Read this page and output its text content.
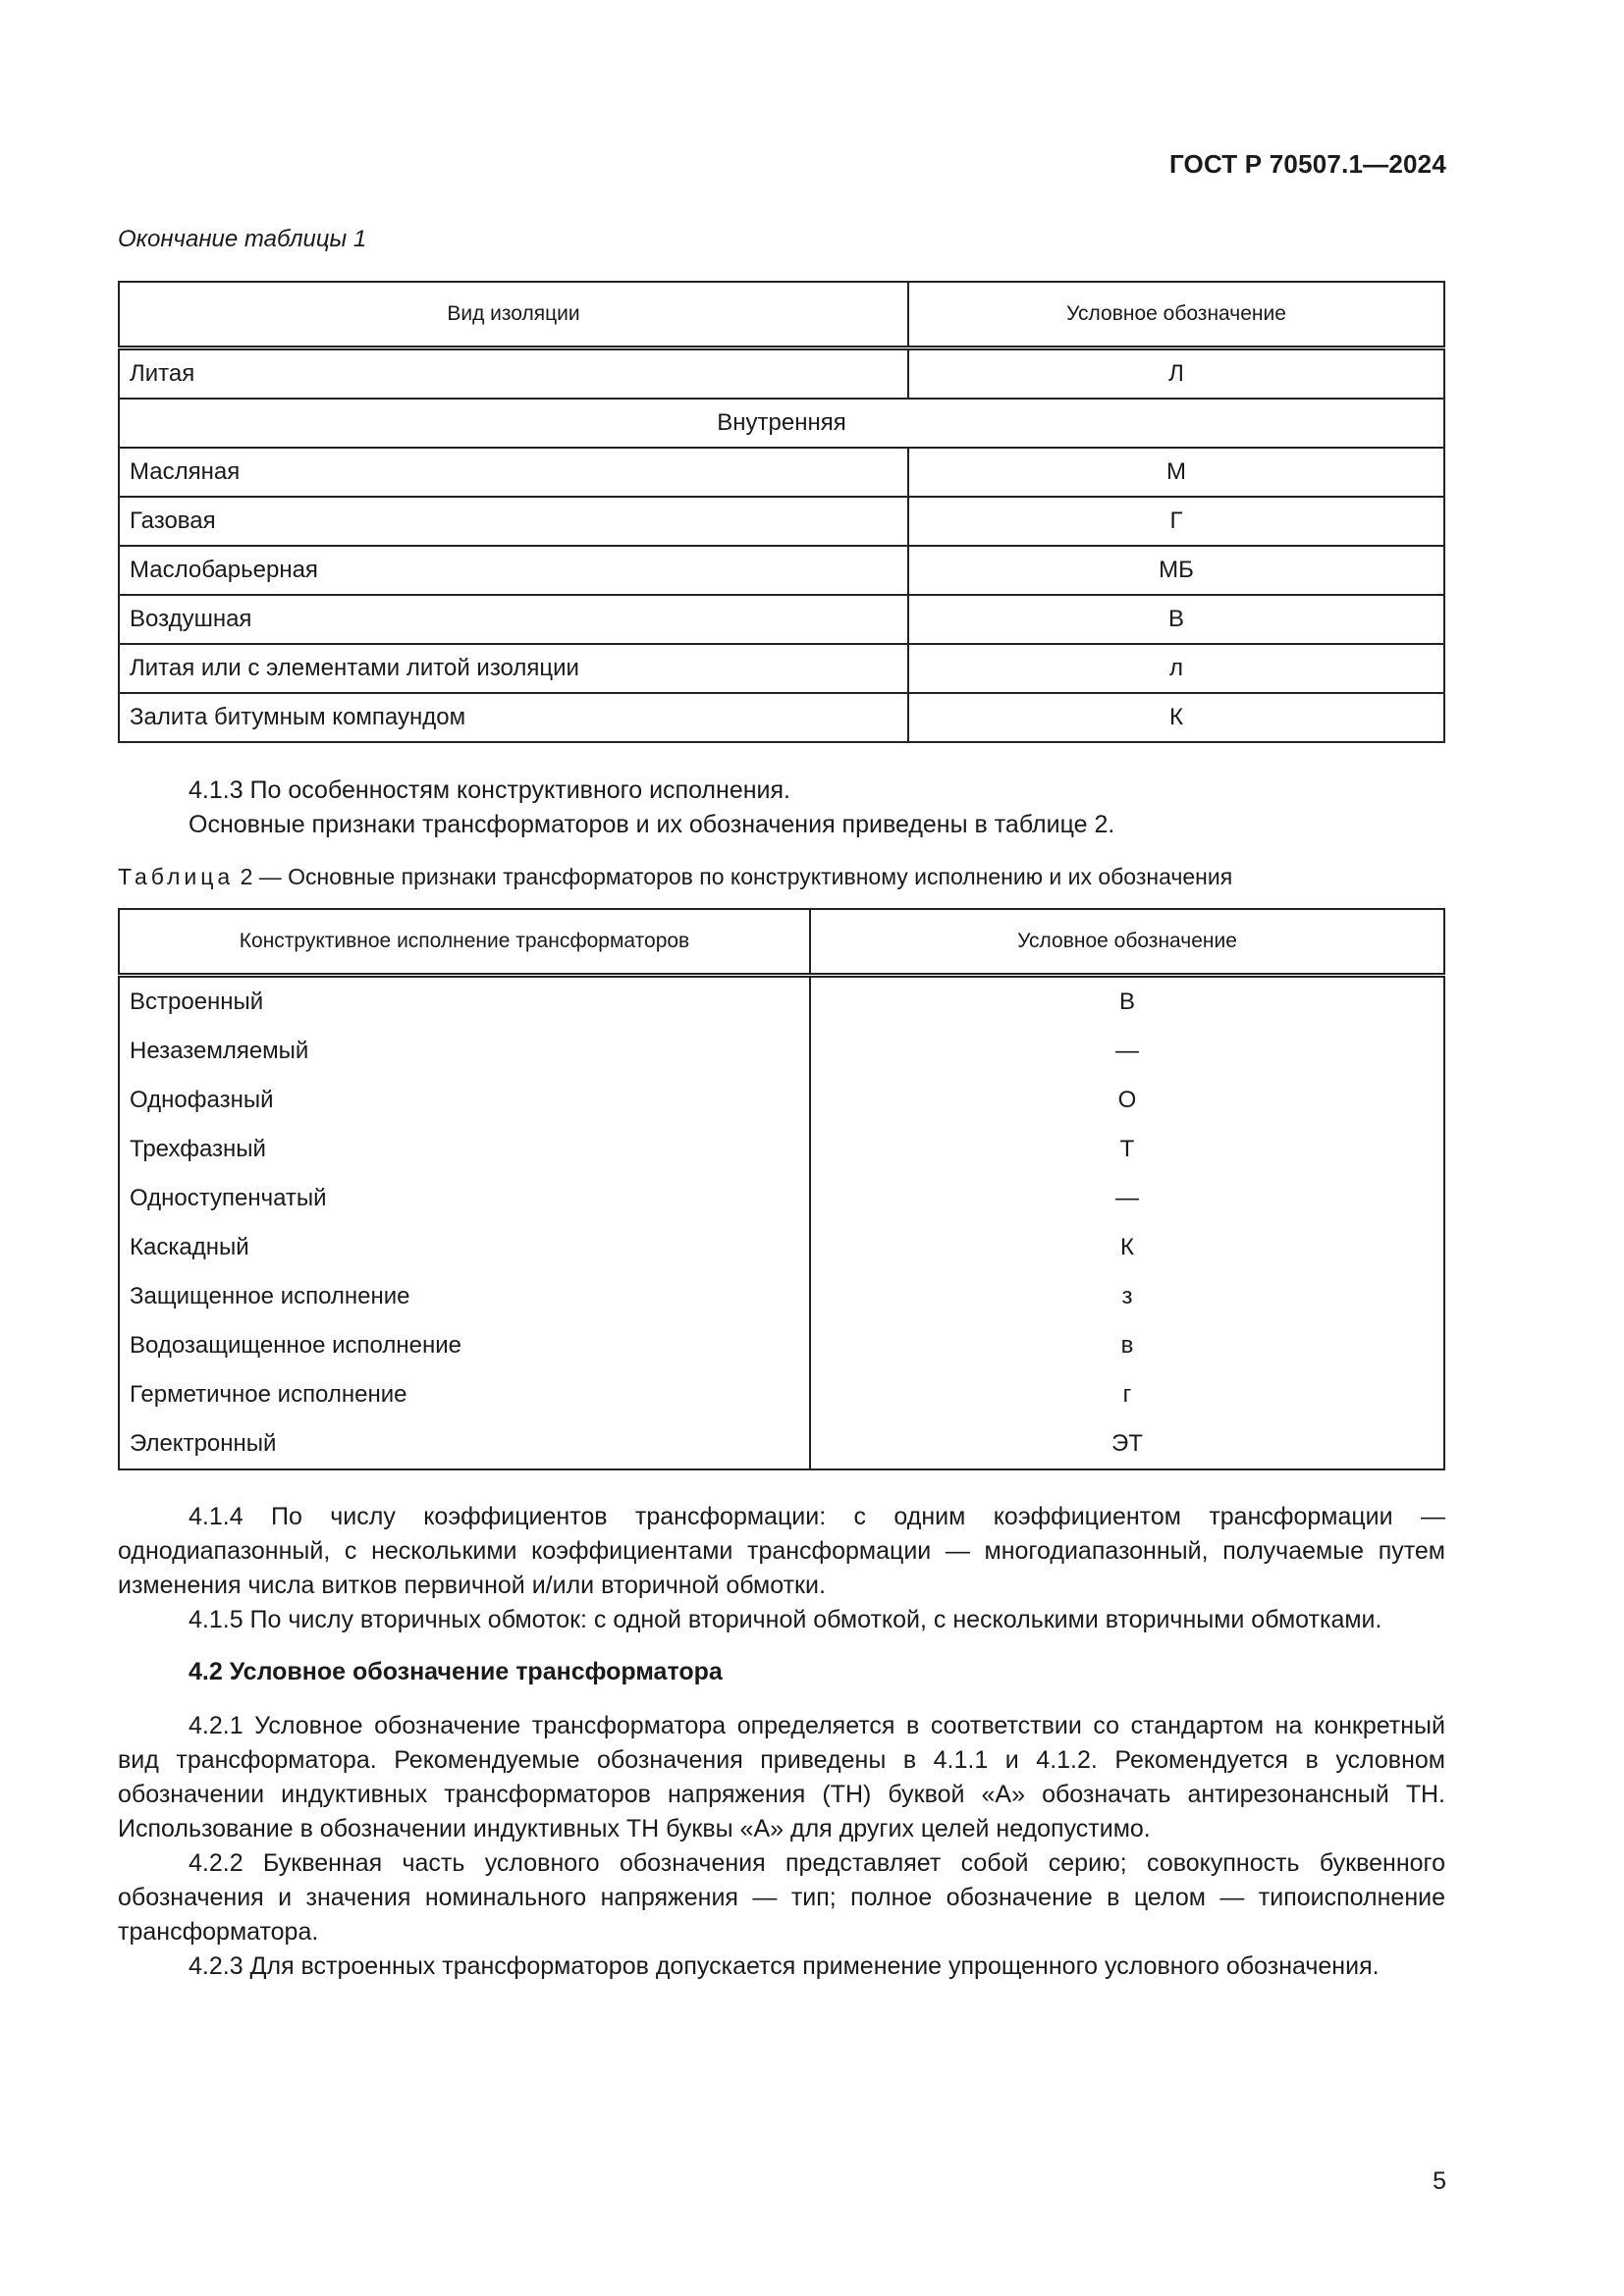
ГОСТ Р 70507.1—2024
Окончание таблицы 1
Вид изоляции	Условное обозначение
Литая	Л
Внутренняя	
Масляная	М
Газовая	Г
Маслобарьерная	МБ
Воздушная	В
Литая или с элементами литой изоляции	л
Залита битумным компаундом	К

4.1.3 По особенностям конструктивного исполнения.

Основные признаки трансформаторов и их обозначения приведены в таблице 2.

Таблица 2 — Основные признаки трансформаторов по конструктивному исполнению и их обозначения
Конструктивное исполнение трансформаторов	Условное обозначение
Встроенный	В
Незаземляемый	—
Однофазный	О
Трехфазный	Т
Одноступенчатый	—
Каскадный	К
Защищенное исполнение	з
Водозащищенное исполнение	в
Герметичное исполнение	г
Электронный	ЭТ

4.1.4 По числу коэффициентов трансформации: с одним коэффициентом трансформации — однодиапазонный, с несколькими коэффициентами трансформации — многодиапазонный, получаемые путем изменения числа витков первичной и/или вторичной обмотки.

4.1.5 По числу вторичных обмоток: с одной вторичной обмоткой, с несколькими вторичными обмотками.

4.2 Условное обозначение трансформатора

4.2.1 Условное обозначение трансформатора определяется в соответствии со стандартом на конкретный вид трансформатора. Рекомендуемые обозначения приведены в 4.1.1 и 4.1.2. Рекомендуется в условном обозначении индуктивных трансформаторов напряжения (ТН) буквой «А» обозначать антирезонансный ТН. Использование в обозначении индуктивных ТН буквы «А» для других целей недопустимо.

4.2.2 Буквенная часть условного обозначения представляет собой серию; совокупность буквенного обозначения и значения номинального напряжения — тип; полное обозначение в целом — типоисполнение трансформатора.

4.2.3 Для встроенных трансформаторов допускается применение упрощенного условного обозначения.

5
